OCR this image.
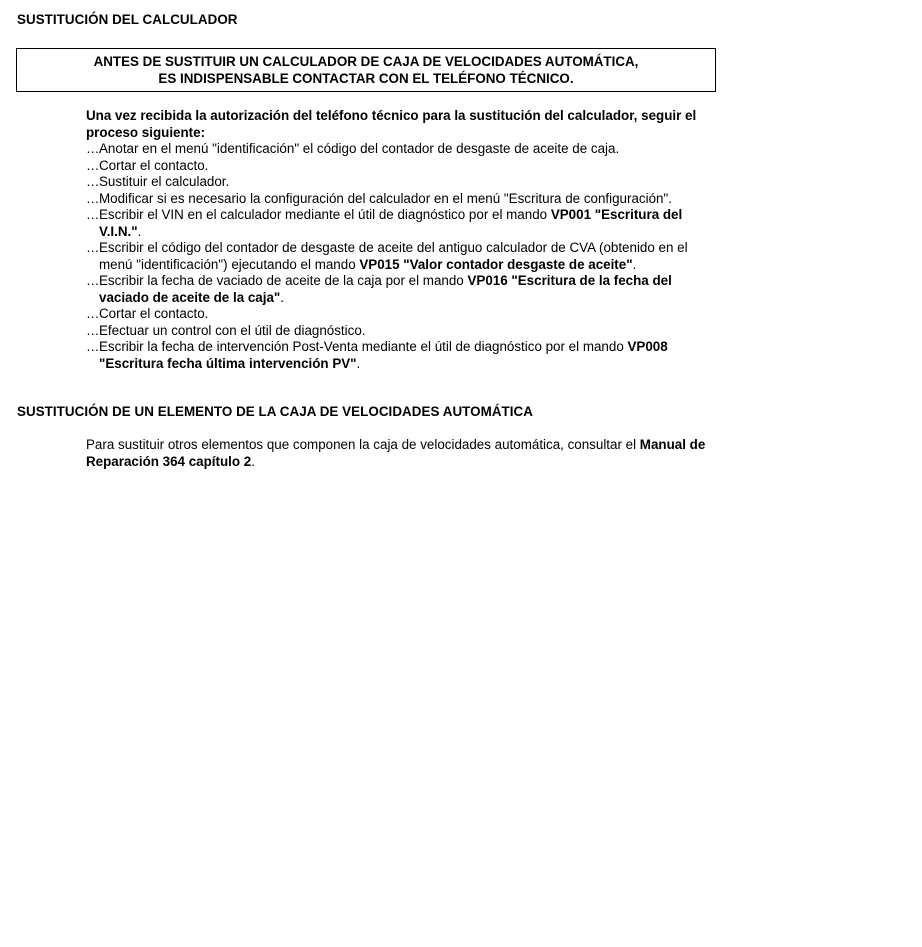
SUSTITUCIÓN DEL CALCULADOR
ANTES DE SUSTITUIR UN CALCULADOR DE CAJA DE VELOCIDADES AUTOMÁTICA,
ES INDISPENSABLE CONTACTAR CON EL TELÉFONO TÉCNICO.
Una vez recibida la autorización del teléfono técnico para la sustitución del calculador, seguir el proceso siguiente:
… Anotar en el menú "identificación" el código del contador de desgaste de aceite de caja.
… Cortar el contacto.
… Sustituir el calculador.
… Modificar si es necesario la configuración del calculador en el menú "Escritura de configuración".
… Escribir el VIN en el calculador mediante el útil de diagnóstico por el mando VP001 "Escritura del V.I.N.".
… Escribir el código del contador de desgaste de aceite del antiguo calculador de CVA (obtenido en el menú "identificación") ejecutando el mando VP015 "Valor contador desgaste de aceite".
… Escribir la fecha de vaciado de aceite de la caja por el mando VP016 "Escritura de la fecha del vaciado de aceite de la caja".
… Cortar el contacto.
… Efectuar un control con el útil de diagnóstico.
… Escribir la fecha de intervención Post-Venta mediante el útil de diagnóstico por el mando VP008 "Escritura fecha última intervención PV".
SUSTITUCIÓN DE UN ELEMENTO DE LA CAJA DE VELOCIDADES AUTOMÁTICA
Para sustituir otros elementos que componen la caja de velocidades automática, consultar el Manual de Reparación 364 capítulo 2.
